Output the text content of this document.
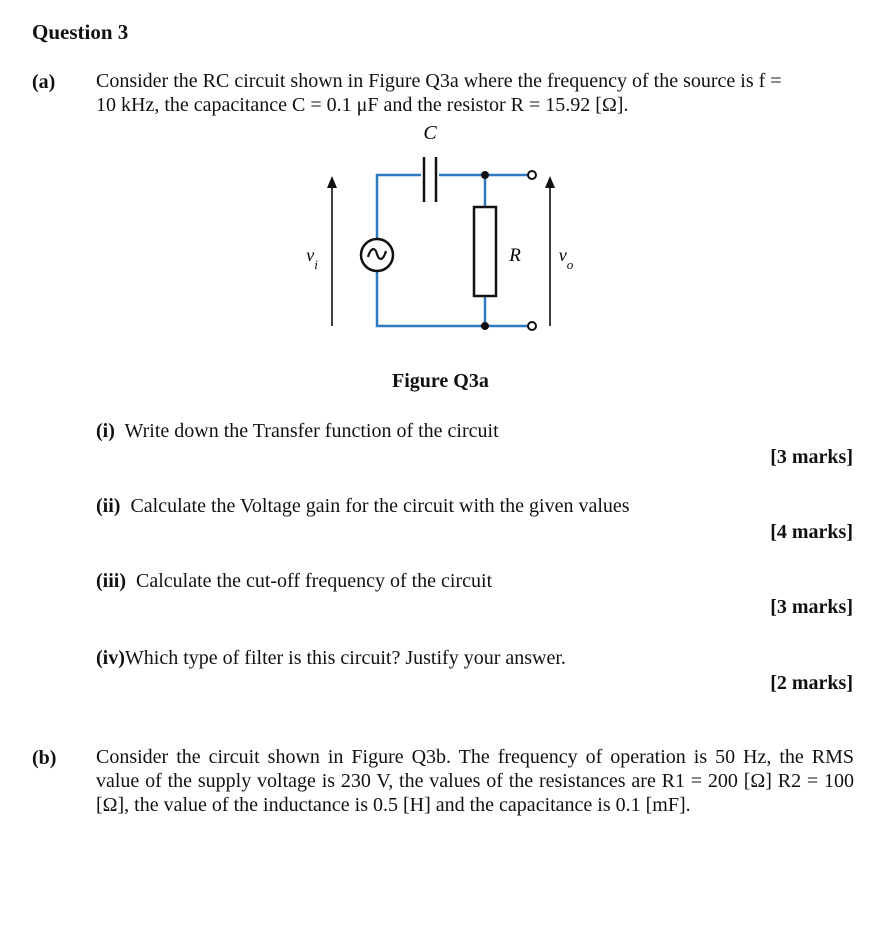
Question 3
(a) Consider the RC circuit shown in Figure Q3a where the frequency of the source is f =
10 kHz, the capacitance C = 0.1 μF and the resistor R = 15.92 [Ω].
C
R
$v_i$	$v_o$
Figure Q3a
(i) Write down the Transfer function of the circuit
[3 marks]
(ii) Calculate the Voltage gain for the circuit with the given values
[4 marks]
(iii) Calculate the cut-off frequency of the circuit
[3 marks]
(iv)Which type of filter is this circuit? Justify your answer.
[2 marks]
(b) Consider the circuit shown in Figure Q3b. The frequency of operation is 50 Hz, the RMS value of the supply voltage is 230 V, the values of the resistances are R1 = 200 [Ω] R2 = 100 [Ω], the value of the inductance is 0.5 [H] and the capacitance is 0.1 [mF].
